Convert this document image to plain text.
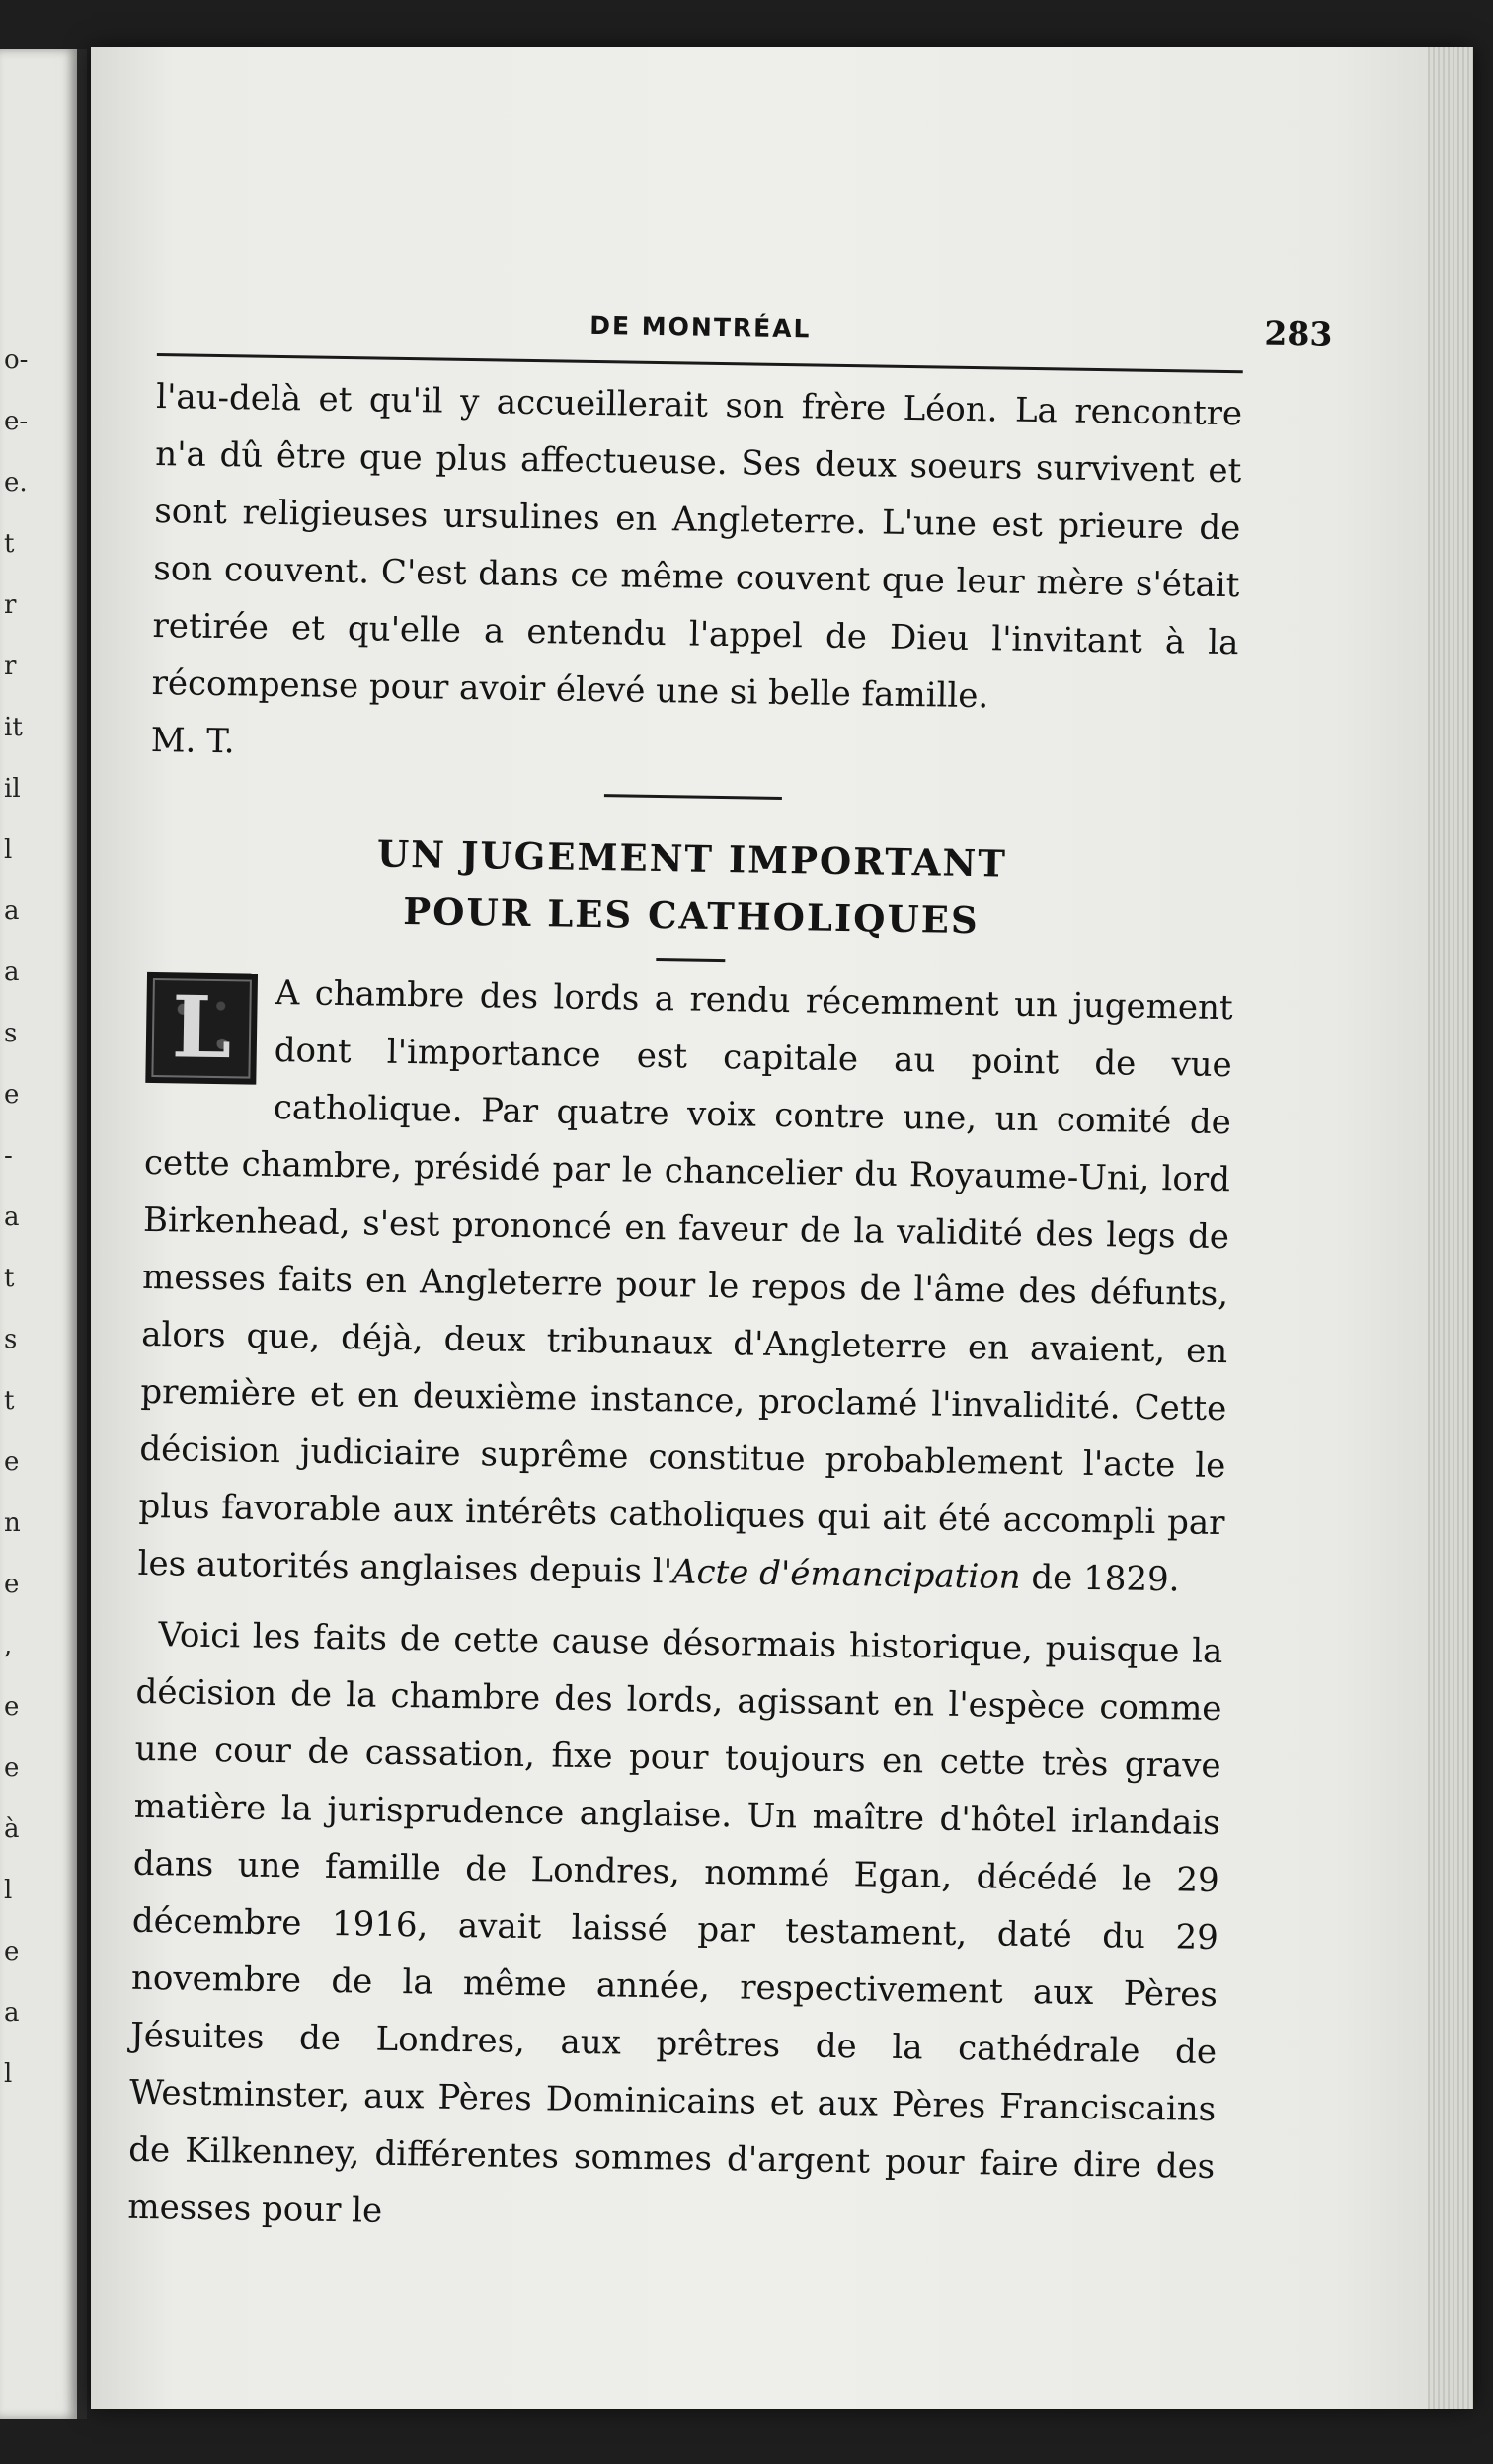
o-
e-
e.
t
r
r
it
il
l
a
a
s
e
-
a
t
s
t
e
n
e
,
e
e
à
l
e
a
l
DE MONTRÉAL	283

l'au-delà et qu'il y accueillerait son frère Léon. La rencontre n'a dû être que plus affectueuse. Ses deux soeurs survivent et sont religieuses ursulines en Angleterre. L'une est prieure de son couvent. C'est dans ce même couvent que leur mère s'était retirée et qu'elle a entendu l'appel de Dieu l'invitant à la récompense pour avoir élevé une si belle famille.

M. T.

UN JUGEMENT IMPORTANT
POUR LES CATHOLIQUES
L	A chambre des lords a rendu récemment un jugement dont l'importance est capitale au point de vue catholique. Par quatre voix contre une, un comité de cette chambre, présidé par le chancelier du Royaume-Uni, lord Birkenhead, s'est prononcé en faveur de la validité des legs de messes faits en Angleterre pour le repos de l'âme des défunts, alors que, déjà, deux tribunaux d'Angleterre en avaient, en première et en deuxième instance, proclamé l'invalidité. Cette décision judiciaire suprême constitue probablement l'acte le plus favorable aux intérêts catholiques qui ait été accompli par les autorités anglaises depuis l'Acte d'émancipation de 1829.

Voici les faits de cette cause désormais historique, puisque la décision de la chambre des lords, agissant en l'espèce comme une cour de cassation, fixe pour toujours en cette très grave matière la jurisprudence anglaise. Un maître d'hôtel irlandais dans une famille de Londres, nommé Egan, décédé le 29 décembre 1916, avait laissé par testament, daté du 29 novembre de la même année, respectivement aux Pères Jésuites de Londres, aux prêtres de la cathédrale de Westminster, aux Pères Dominicains et aux Pères Franciscains de Kilkenney, différentes sommes d'argent pour faire dire des messes pour le
